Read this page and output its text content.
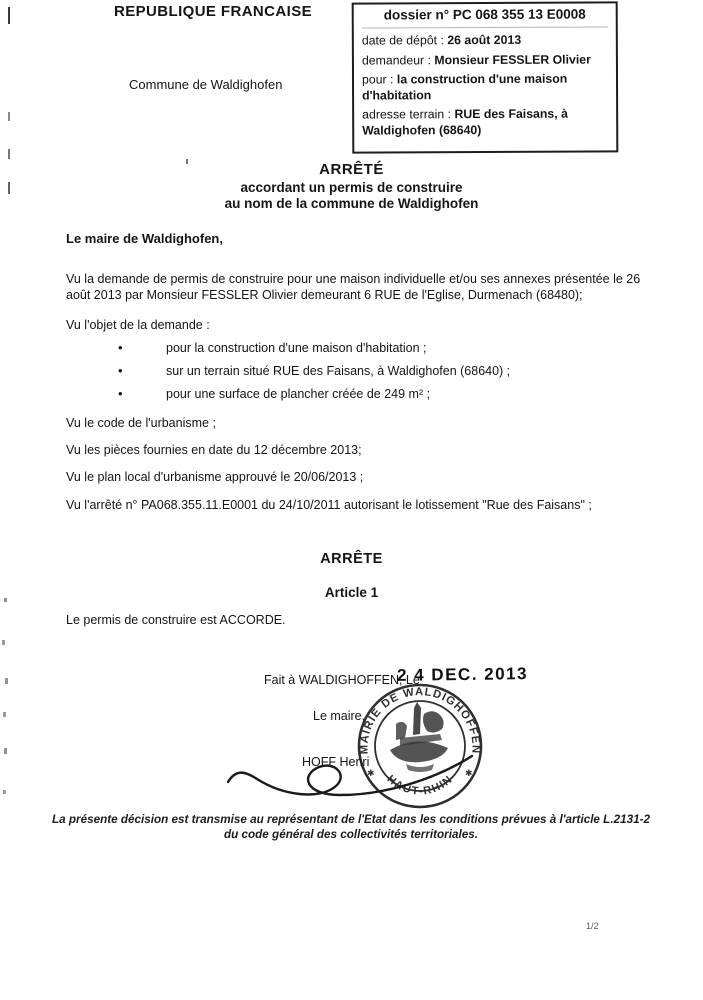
REPUBLIQUE FRANCAISE
Commune de Waldighofen
dossier n° PC 068 355 13 E0008
date de dépôt : 26 août 2013
demandeur : Monsieur FESSLER Olivier
pour : la construction d'une maison d'habitation
adresse terrain : RUE des Faisans, à Waldighofen (68640)
ARRÊTÉ
accordant un permis de construire
au nom de la commune de Waldighofen
Le maire de Waldighofen,
Vu la demande de permis de construire pour une maison individuelle et/ou ses annexes présentée le 26 août 2013 par Monsieur FESSLER Olivier demeurant 6 RUE de l'Eglise, Durmenach (68480);
Vu l'objet de la demande :
•	pour la construction d'une maison d'habitation ;
•	sur un terrain situé RUE des Faisans, à Waldighofen (68640) ;
•	pour une surface de plancher créée de 249 m² ;
Vu le code de l'urbanisme ;
Vu les pièces fournies en date du 12 décembre 2013;
Vu le plan local d'urbanisme approuvé le 20/06/2013 ;
Vu l'arrêté n° PA068.355.11.E0001 du 24/10/2011 autorisant le lotissement "Rue des Faisans" ;
ARRÊTE
Article 1
Le permis de construire est ACCORDE.
Fait à WALDIGHOFFEN, Le
2 4 DEC. 2013
Le maire,
HOFF Henri
MAIRIE DE WALDIGHOFFEN
HAUT-RHIN
✱	✱
La présente décision est transmise au représentant de l'Etat dans les conditions prévues à l'article L.2131-2 du code général des collectivités territoriales.
1/2
